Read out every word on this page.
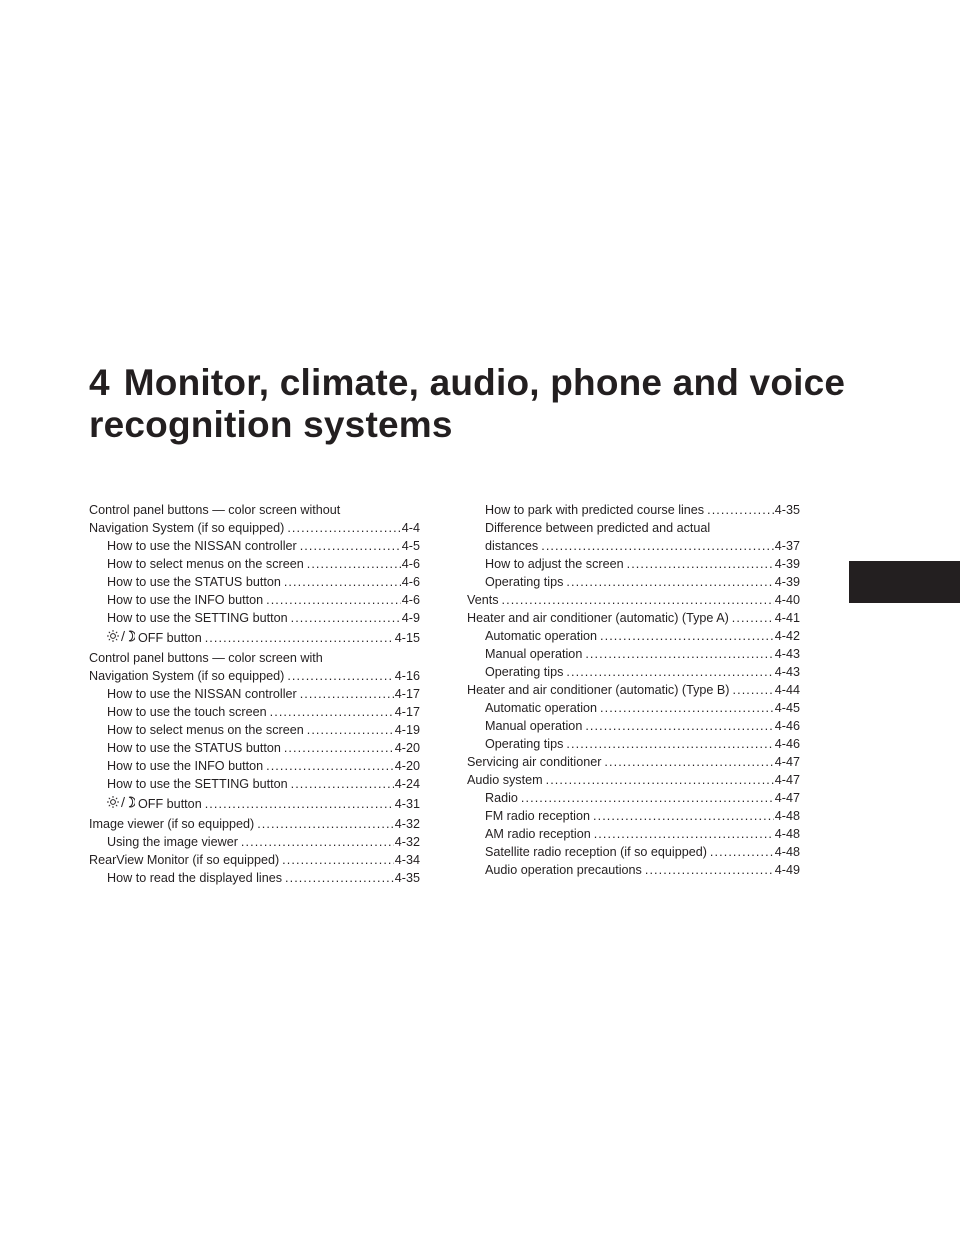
4 Monitor, climate, audio, phone and voice recognition systems
Control panel buttons — color screen without
Navigation System (if so equipped) . . .	4-4
How to use the NISSAN controller . . .	4-5
How to select menus on the screen . . .	4-6
How to use the STATUS button . . .	4-6
How to use the INFO button . . .	4-6
How to use the SETTING button . . .	4-9
OFF button . . .	4-15
Control panel buttons — color screen with
Navigation System (if so equipped) . . .	4-16
How to use the NISSAN controller . . .	4-17
How to use the touch screen . . .	4-17
How to select menus on the screen . . .	4-19
How to use the STATUS button . . .	4-20
How to use the INFO button . . .	4-20
How to use the SETTING button . . .	4-24
OFF button . . .	4-31
Image viewer (if so equipped) . . .	4-32
Using the image viewer . . .	4-32
RearView Monitor (if so equipped) . . .	4-34
How to read the displayed lines . . .	4-35
How to park with predicted course lines . . .	4-35
Difference between predicted and actual
distances . . .	4-37
How to adjust the screen . . .	4-39
Operating tips . . .	4-39
Vents . . .	4-40
Heater and air conditioner (automatic) (Type A) . . .	4-41
Automatic operation . . .	4-42
Manual operation . . .	4-43
Operating tips . . .	4-43
Heater and air conditioner (automatic) (Type B) . . .	4-44
Automatic operation . . .	4-45
Manual operation . . .	4-46
Operating tips . . .	4-46
Servicing air conditioner . . .	4-47
Audio system . . .	4-47
Radio . . .	4-47
FM radio reception . . .	4-48
AM radio reception . . .	4-48
Satellite radio reception (if so equipped) . . .	4-48
Audio operation precautions . . .	4-49
